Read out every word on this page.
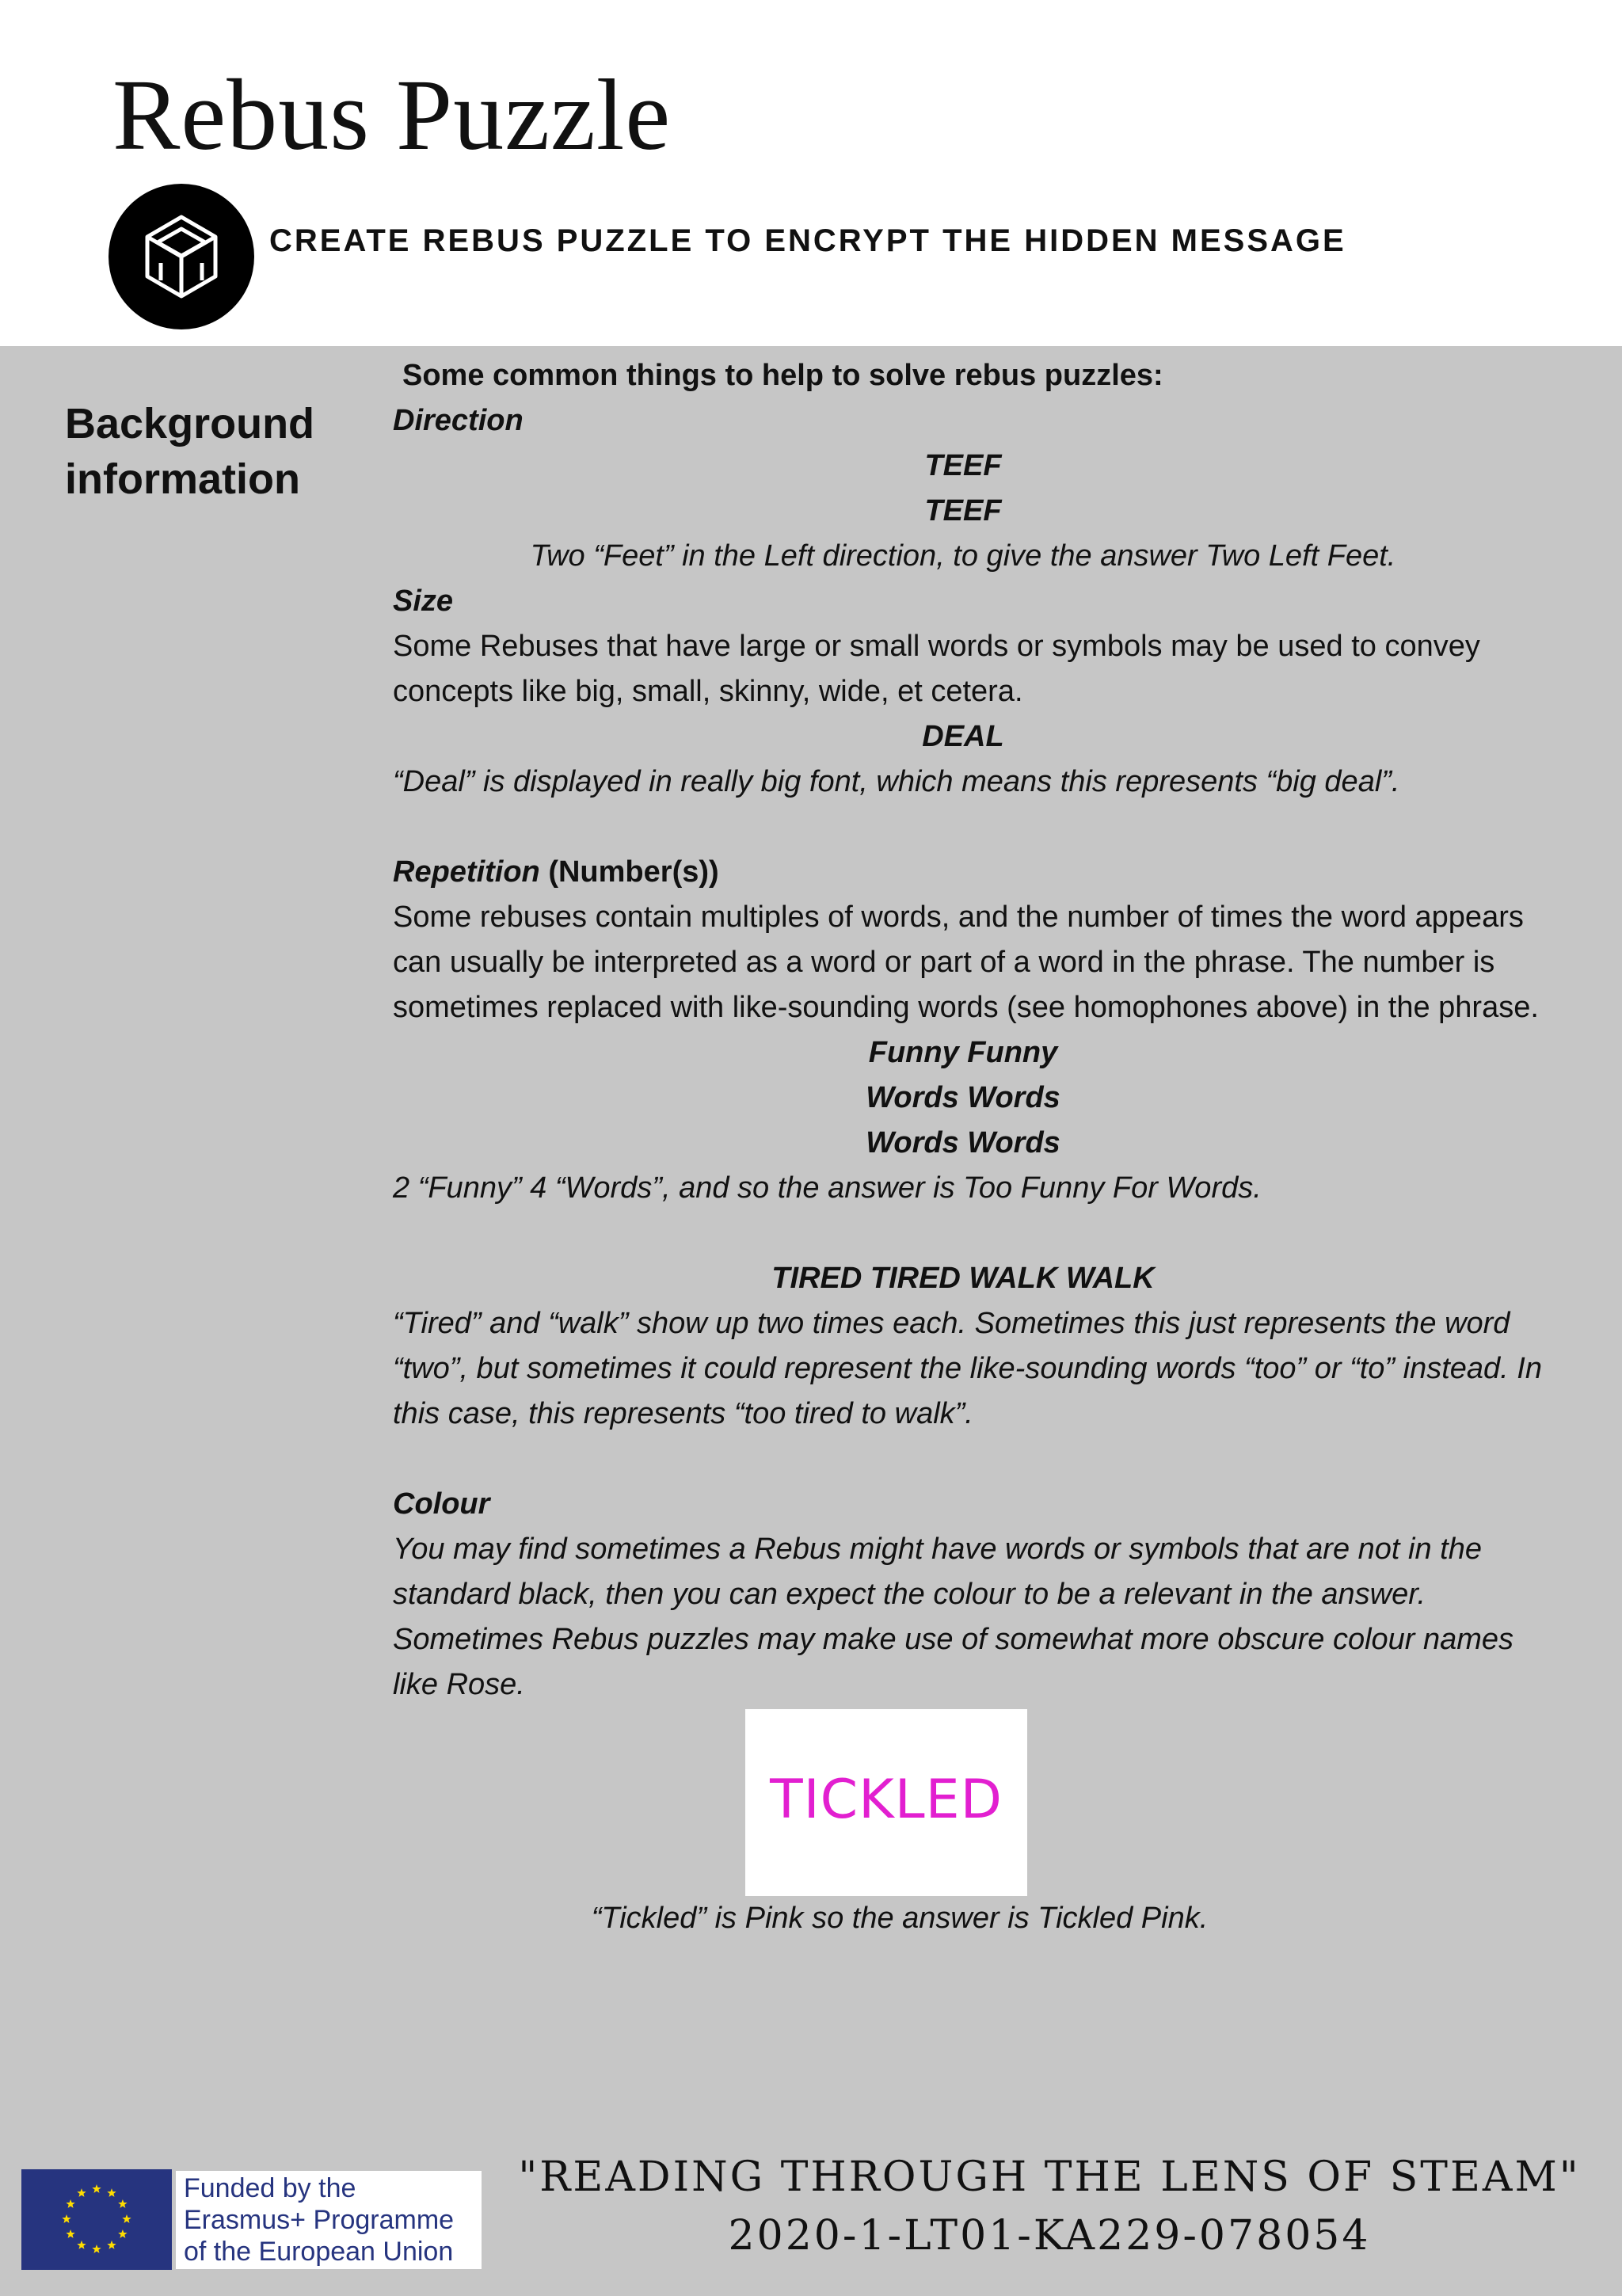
Rebus Puzzle
CREATE REBUS PUZZLE TO ENCRYPT THE HIDDEN MESSAGE
Background
information

Some common things to help to solve rebus puzzles:

Direction

TEEF

TEEF

Two “Feet” in the Left direction, to give the answer Two Left Feet.

Size

Some Rebuses that have large or small words or symbols may be used to convey concepts like big, small, skinny, wide, et cetera.

DEAL

“Deal” is displayed in really big font, which means this represents “big deal”.

Repetition (Number(s))

Some rebuses contain multiples of words, and the number of times the word appears can usually be interpreted as a word or part of a word in the phrase. The number is sometimes replaced with like-sounding words (see homophones above) in the phrase.

Funny Funny

Words Words

Words Words

2 “Funny” 4 “Words”, and so the answer is Too Funny For Words.

TIRED TIRED WALK WALK

“Tired” and “walk” show up two times each. Sometimes this just represents the word “two”, but sometimes it could represent the like-sounding words “too” or “to” instead. In this case, this represents “too tired to walk”.

Colour

You may find sometimes a Rebus might have words or symbols that are not in the standard black, then you can expect the colour to be a relevant in the answer. Sometimes Rebus puzzles may make use of somewhat more obscure colour names like Rose.

TICKLED

“Tickled” is Pink so the answer is Tickled Pink.

Funded by the
Erasmus+ Programme
of the European Union
"READING THROUGH THE LENS OF STEAM"
2020-1-LT01-KA229-078054
